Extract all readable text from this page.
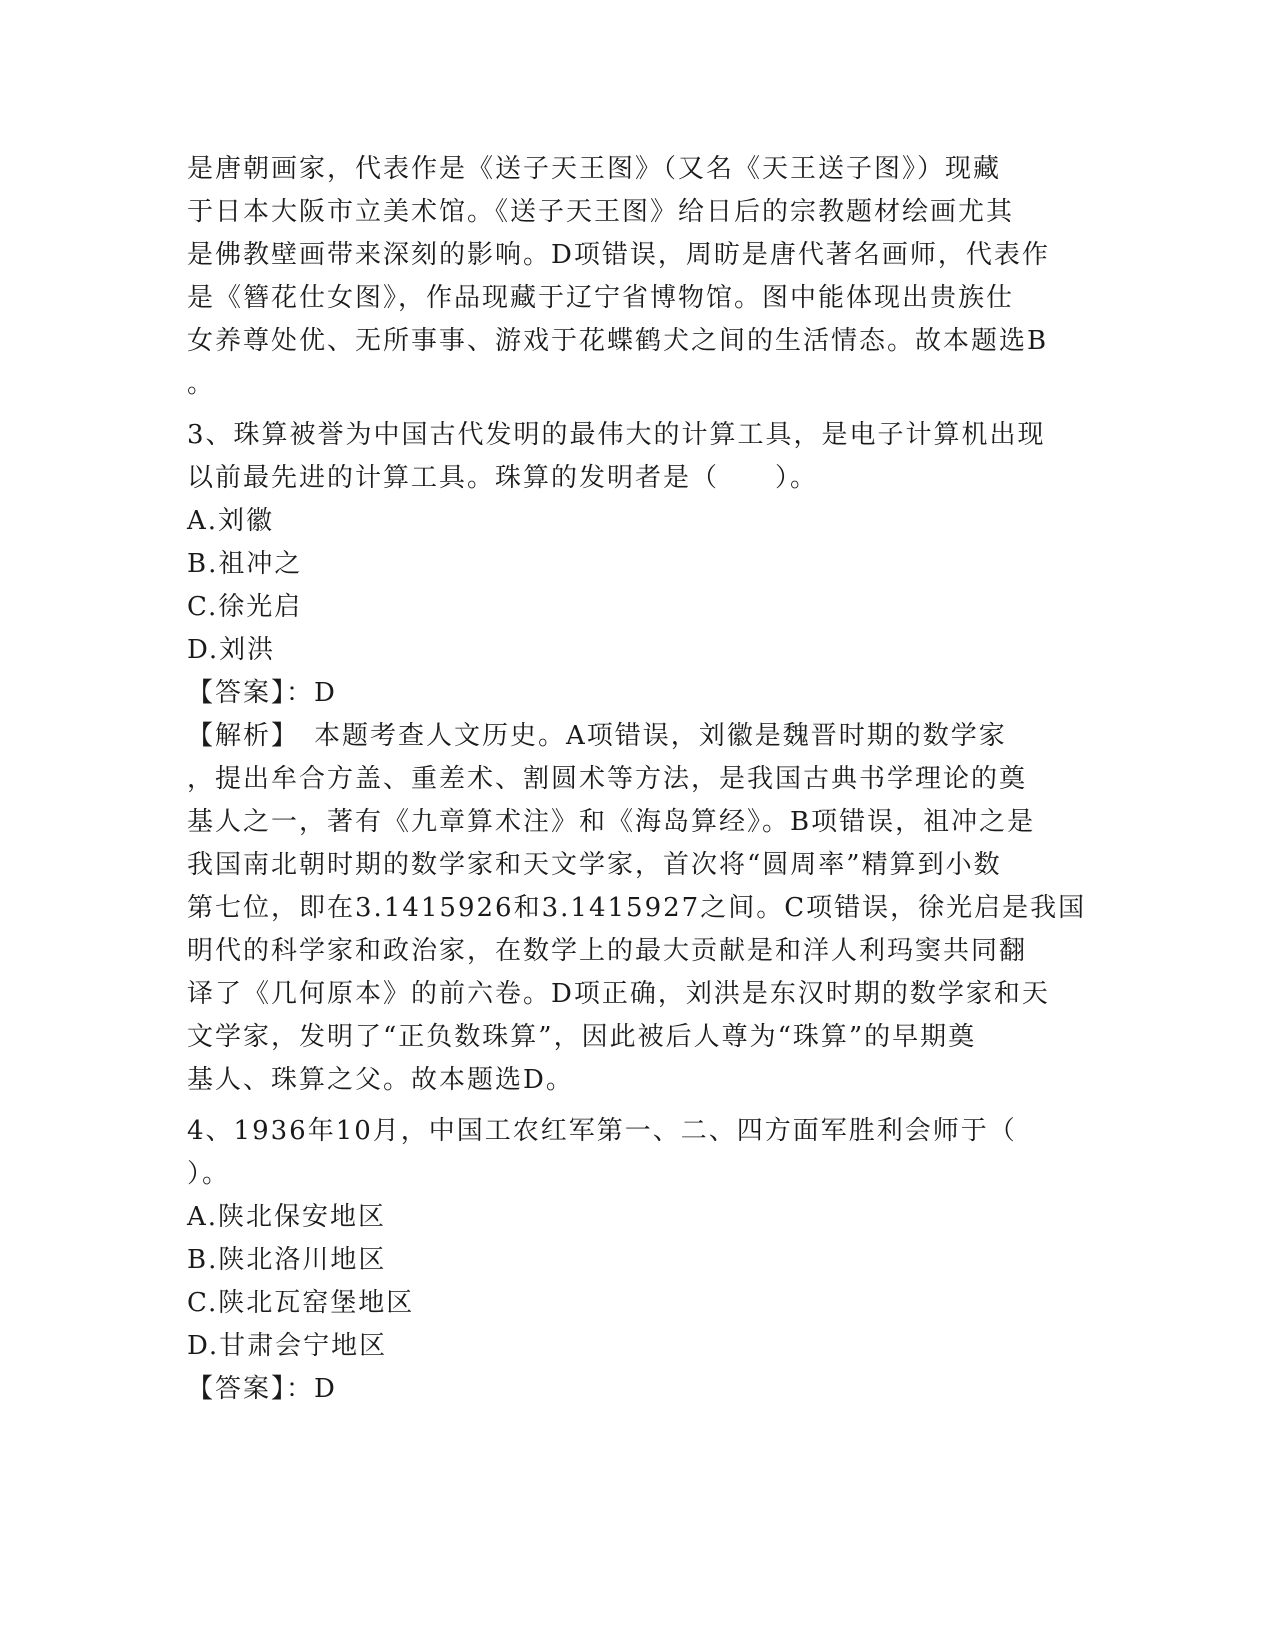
是唐朝画家，代表作是《送子天王图》（又名《天王送子图》）现藏
于日本大阪市立美术馆。《送子天王图》给日后的宗教题材绘画尤其
是佛教壁画带来深刻的影响。D项错误，周昉是唐代著名画师，代表作
是《簪花仕女图》，作品现藏于辽宁省博物馆。图中能体现出贵族仕
女养尊处优、无所事事、游戏于花蝶鹤犬之间的生活情态。故本题选B
。
3、珠算被誉为中国古代发明的最伟大的计算工具，是电子计算机出现
以前最先进的计算工具。珠算的发明者是（　　）。
A.刘徽
B.祖冲之
C.徐光启
D.刘洪
【答案】：D
【解析】　本题考查人文历史。A项错误，刘徽是魏晋时期的数学家
，提出牟合方盖、重差术、割圆术等方法，是我国古典书学理论的奠
基人之一，著有《九章算术注》和《海岛算经》。B项错误，祖冲之是
我国南北朝时期的数学家和天文学家，首次将“圆周率”精算到小数
第七位，即在3.1415926和3.1415927之间。C项错误，徐光启是我国
明代的科学家和政治家，在数学上的最大贡献是和洋人利玛窦共同翻
译了《几何原本》的前六卷。D项正确，刘洪是东汉时期的数学家和天
文学家，发明了“正负数珠算”，因此被后人尊为“珠算”的早期奠
基人、珠算之父。故本题选D。
4、1936年10月，中国工农红军第一、二、四方面军胜利会师于（
）。
A.陕北保安地区
B.陕北洛川地区
C.陕北瓦窑堡地区
D.甘肃会宁地区
【答案】：D
